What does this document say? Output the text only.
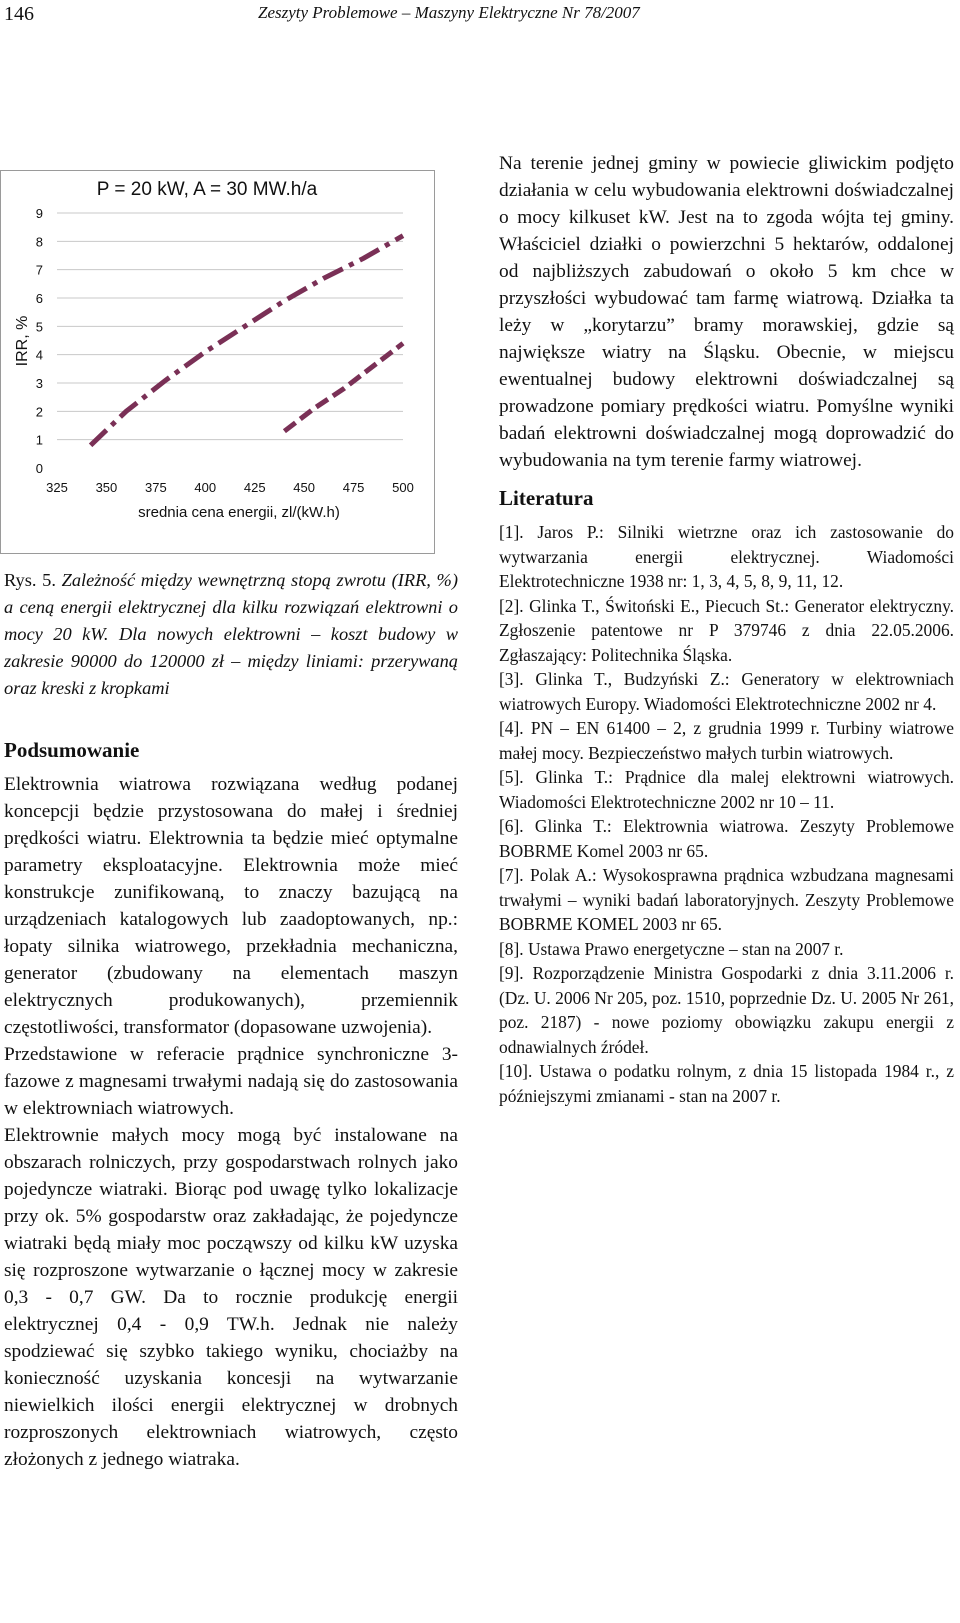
146	Zeszyty Problemowe – Maszyny Elektryczne Nr 78/2007
0
1
2
3
4
5
6
7
8
9
325 350 375 400 425 450 475 500
P = 20 kW, A = 30 MW.h/a
srednia cena energii, zl/(kW.h)
IRR, %

Rys. 5. Zależność między wewnętrzną stopą zwrotu (IRR, %) a ceną energii elektrycznej dla kilku rozwiązań elektrowni o mocy 20 kW. Dla nowych elektrowni – koszt budowy w zakresie 90000 do 120000 zł – między liniami: przerywaną oraz kreski z kropkami

Podsumowanie

Elektrownia wiatrowa rozwiązana według podanej koncepcji będzie przystosowana do małej i średniej prędkości wiatru. Elektrownia ta będzie mieć optymalne parametry eksploatacyjne. Elektrownia może mieć konstrukcje zunifikowaną, to znaczy bazującą na urządzeniach katalogowych lub zaadoptowanych, np.: łopaty silnika wiatrowego, przekładnia mechaniczna, generator (zbudowany na elementach maszyn elektrycznych produkowanych), przemiennik częstotliwości, transformator (dopasowane uzwojenia).

Przedstawione w referacie prądnice synchroniczne 3-fazowe z magnesami trwałymi nadają się do zastosowania w elektrowniach wiatrowych.

Elektrownie małych mocy mogą być instalowane na obszarach rolniczych, przy gospodarstwach rolnych jako pojedyncze wiatraki. Biorąc pod uwagę tylko lokalizacje przy ok. 5% gospodarstw oraz zakładając, że pojedyncze wiatraki będą miały moc począwszy od kilku kW uzyska się rozproszone wytwarzanie o łącznej mocy w zakresie 0,3 - 0,7 GW. Da to rocznie produkcję energii elektrycznej 0,4 - 0,9 TW.h. Jednak nie należy spodziewać się szybko takiego wyniku, chociażby na konieczność uzyskania koncesji na wytwarzanie niewielkich ilości energii elektrycznej w drobnych rozproszonych elektrowniach wiatrowych, często złożonych z jednego wiatraka.

Na terenie jednej gminy w powiecie gliwickim podjęto działania w celu wybudowania elektrowni doświadczalnej o mocy kilkuset kW. Jest na to zgoda wójta tej gminy. Właściciel działki o powierzchni 5 hektarów, oddalonej od najbliższych zabudowań o około 5 km chce w przyszłości wybudować tam farmę wiatrową. Działka ta leży w „korytarzu” bramy morawskiej, gdzie są największe wiatry na Śląsku. Obecnie, w miejscu ewentualnej budowy elektrowni doświadczalnej są prowadzone pomiary prędkości wiatru. Pomyślne wyniki badań elektrowni doświadczalnej mogą doprowadzić do wybudowania na tym terenie farmy wiatrowej.

Literatura

[1]. Jaros P.: Silniki wietrzne oraz ich zastosowanie do wytwarzania energii elektrycznej. Wiadomości Elektrotechniczne 1938 nr: 1, 3, 4, 5, 8, 9, 11, 12.

[2]. Glinka T., Świtoński E., Piecuch St.: Generator elektryczny. Zgłoszenie patentowe nr P 379746 z dnia 22.05.2006. Zgłaszający: Politechnika Śląska.

[3]. Glinka T., Budzyński Z.: Generatory w elektrowniach wiatrowych Europy. Wiadomości Elektrotechniczne 2002 nr 4.

[4]. PN – EN 61400 – 2, z grudnia 1999 r. Turbiny wiatrowe małej mocy. Bezpieczeństwo małych turbin wiatrowych.

[5]. Glinka T.: Prądnice dla malej elektrowni wiatrowych. Wiadomości Elektrotechniczne 2002 nr 10 – 11.

[6]. Glinka T.: Elektrownia wiatrowa. Zeszyty Problemowe BOBRME Komel 2003 nr 65.

[7]. Polak A.: Wysokosprawna prądnica wzbudzana magnesami trwałymi – wyniki badań laboratoryjnych. Zeszyty Problemowe BOBRME KOMEL 2003 nr 65.

[8]. Ustawa Prawo energetyczne – stan na 2007 r.

[9]. Rozporządzenie Ministra Gospodarki z dnia 3.11.2006 r. (Dz. U. 2006 Nr 205, poz. 1510, poprzednie Dz. U. 2005 Nr 261, poz. 2187) - nowe poziomy obowiązku zakupu energii z odnawialnych źródeł.

[10]. Ustawa o podatku rolnym, z dnia 15 listopada 1984 r., z późniejszymi zmianami - stan na 2007 r.
